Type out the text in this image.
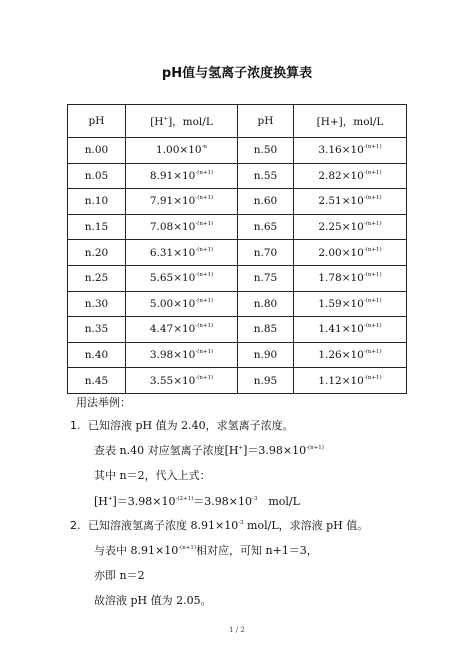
pH值与氢离子浓度换算表
pH	[H+]，mol/L	pH	[H+]，mol/L
n.00	$1.00\times 10^{-n}$	n.50	$3.16\times 10^{-(n+1)}$
n.05	$8.91\times 10^{-(n+1)}$	n.55	$2.82\times 10^{-(n+1)}$
n.10	$7.91\times 10^{-(n+1)}$	n.60	$2.51\times 10^{-(n+1)}$
n.15	$7.08\times 10^{-(n+1)}$	n.65	$2.25\times 10^{-(n+1)}$
n.20	$6.31\times 10^{-(n+1)}$	n.70	$2.00\times 10^{-(n+1)}$
n.25	$5.65\times 10^{-(n+1)}$	n.75	$1.78\times 10^{-(n+1)}$
n.30	$5.00\times 10^{-(n+1)}$	n.80	$1.59\times 10^{-(n+1)}$
n.35	$4.47\times 10^{-(n+1)}$	n.85	$1.41\times 10^{-(n+1)}$
n.40	$3.98\times 10^{-(n+1)}$	n.90	$1.26\times 10^{-(n+1)}$
n.45	$3.55\times 10^{-(n+1)}$	n.95	$1.12\times 10^{-(n+1)}$
用法举例：
1. 已知溶液 pH 值为 2.40，求氢离子浓度。
查表 n.40 对应氢离子浓度$[H^+]=3.98\times 10^{-(n+1)}$
其中 n＝2，代入上式：
$[H^+]=3.98\times 10^{-(2+1)}=3.98\times 10^{-3}$　mol/L
2. 已知溶液氢离子浓度 $8.91\times 10^{-3}$ mol/L，求溶液 pH 值。
与表中 $8.91\times 10^{-(n+1)}$相对应，可知 n+1＝3，
亦即 n＝2
故溶液 pH 值为 2.05。
1 / 2
